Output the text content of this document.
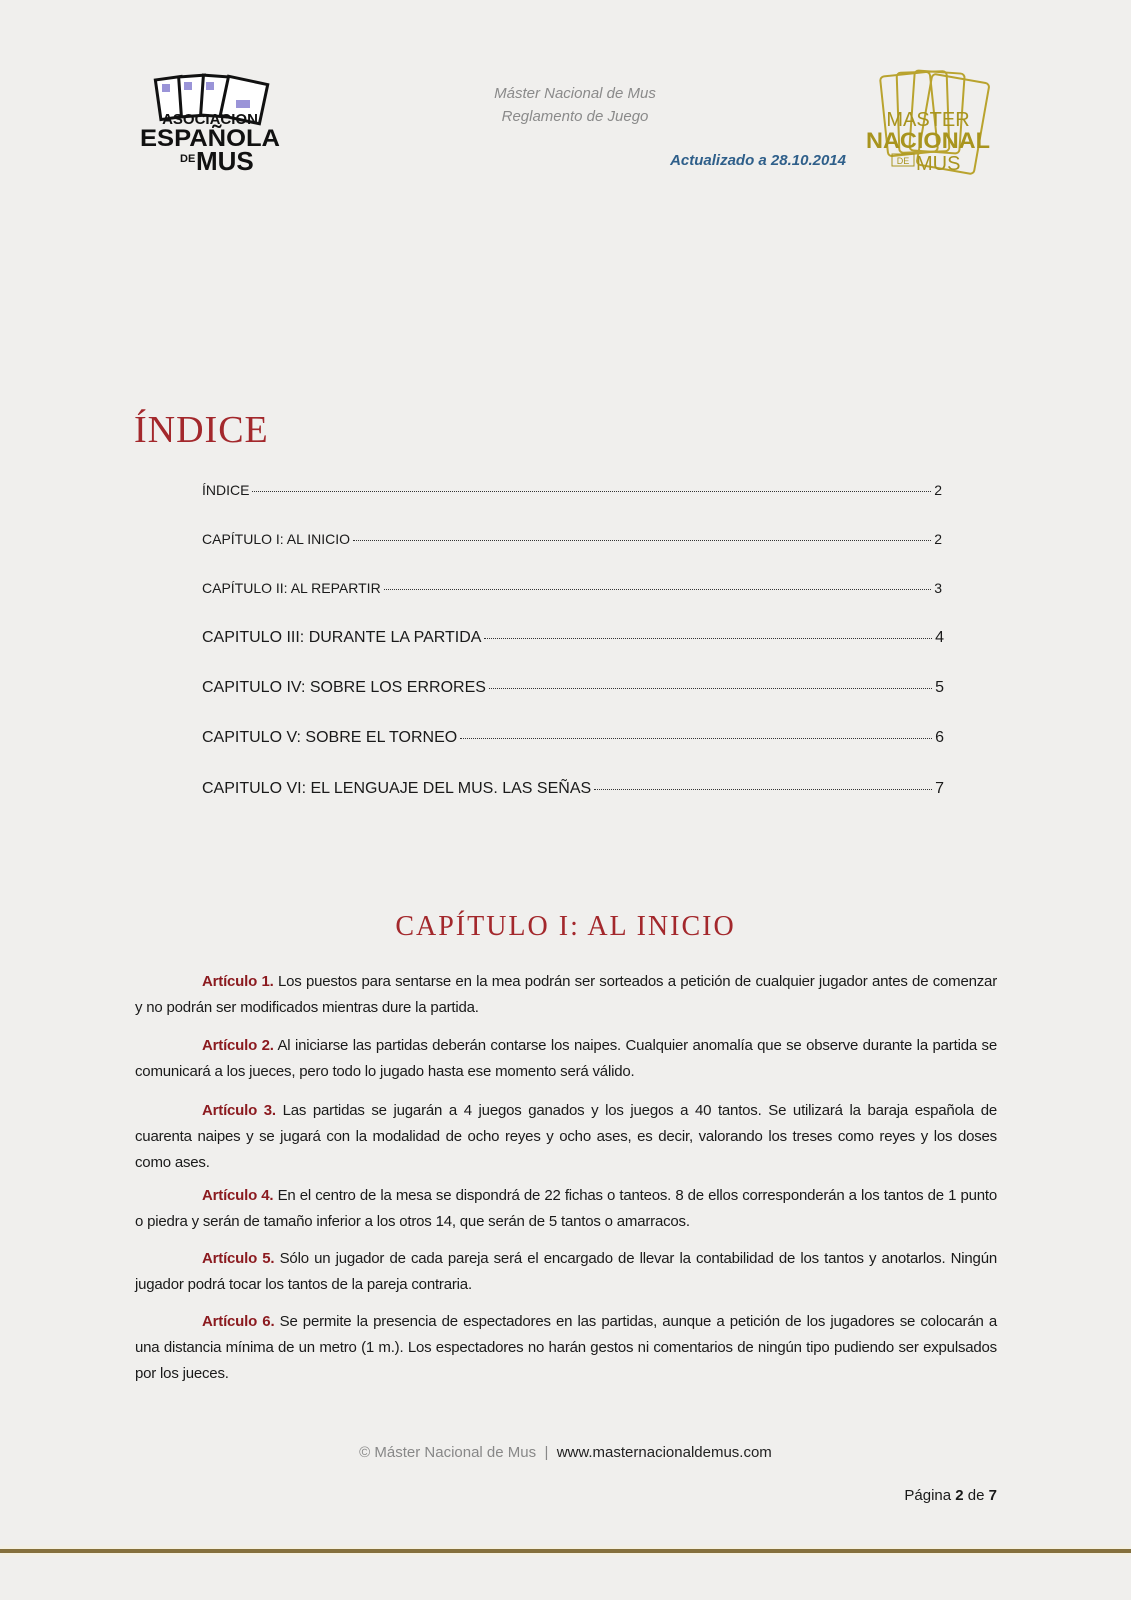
ASOCIACION
ESPAÑOLA
DE MUS
Máster Nacional de Mus
Reglamento de Juego
Actualizado a 28.10.2014
MASTER
NACIONAL
DE MUS
ÍNDICE
ÍNDICE	2
CAPÍTULO I: AL INICIO	2
CAPÍTULO II: AL REPARTIR	3
CAPITULO III: DURANTE LA PARTIDA	4
CAPITULO IV: SOBRE LOS ERRORES	5
CAPITULO V: SOBRE EL TORNEO	6
CAPITULO VI: EL LENGUAJE DEL MUS. LAS SEÑAS	7
CAPÍTULO I: AL INICIO

Artículo 1. Los puestos para sentarse en la mea podrán ser sorteados a petición de cualquier jugador antes de comenzar y no podrán ser modificados mientras dure la partida.

Artículo 2. Al iniciarse las partidas deberán contarse los naipes. Cualquier anomalía que se observe durante la partida se comunicará a los jueces, pero todo lo jugado hasta ese momento será válido.

Artículo 3. Las partidas se jugarán a 4 juegos ganados y los juegos a 40 tantos. Se utilizará la baraja española de cuarenta naipes y se jugará con la modalidad de ocho reyes y ocho ases, es decir, valorando los treses como reyes y los doses como ases.

Artículo 4. En el centro de la mesa se dispondrá de 22 fichas o tanteos. 8 de ellos corresponderán a los tantos de 1 punto o piedra y serán de tamaño inferior a los otros 14, que serán de 5 tantos o amarracos.

Artículo 5. Sólo un jugador de cada pareja será el encargado de llevar la contabilidad de los tantos y anotarlos. Ningún jugador podrá tocar los tantos de la pareja contraria.

Artículo 6. Se permite la presencia de espectadores en las partidas, aunque a petición de los jugadores se colocarán a una distancia mínima de un metro (1 m.). Los espectadores no harán gestos ni comentarios de ningún tipo pudiendo ser expulsados por los jueces.

© Máster Nacional de Mus | www.masternacionaldemus.com
Página 2 de 7
